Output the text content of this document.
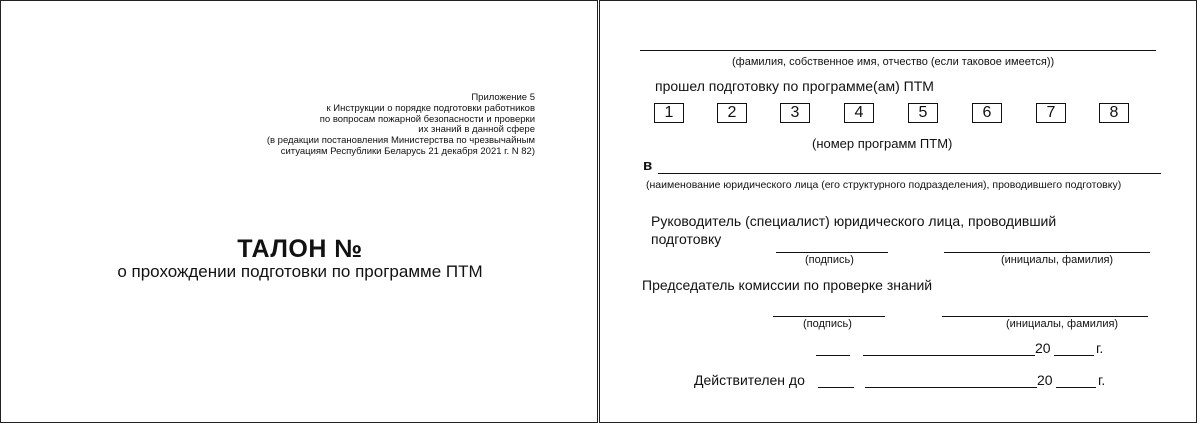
Приложение 5
к Инструкции о порядке подготовки работников
по вопросам пожарной безопасности и проверки
их знаний в данной сфере
(в редакции постановления Министерства по чрезвычайным
ситуациям Республики Беларусь 21 декабря 2021 г. N 82)
ТАЛОН №
о прохождении подготовки по программе ПТМ
(фамилия, собственное имя, отчество (если таковое имеется))
прошел подготовку по программе(ам) ПТМ
1	2	3	4	5	6	7	8
(номер программ ПТМ)
в
(наименование юридического лица (его структурного подразделения), проводившего подготовку)
Руководитель (специалист) юридического лица, проводивший
подготовку
(подпись)	(инициалы, фамилия)
Председатель комиссии по проверке знаний
(подпись)	(инициалы, фамилия)
20	г.
Действителен до	20	г.
